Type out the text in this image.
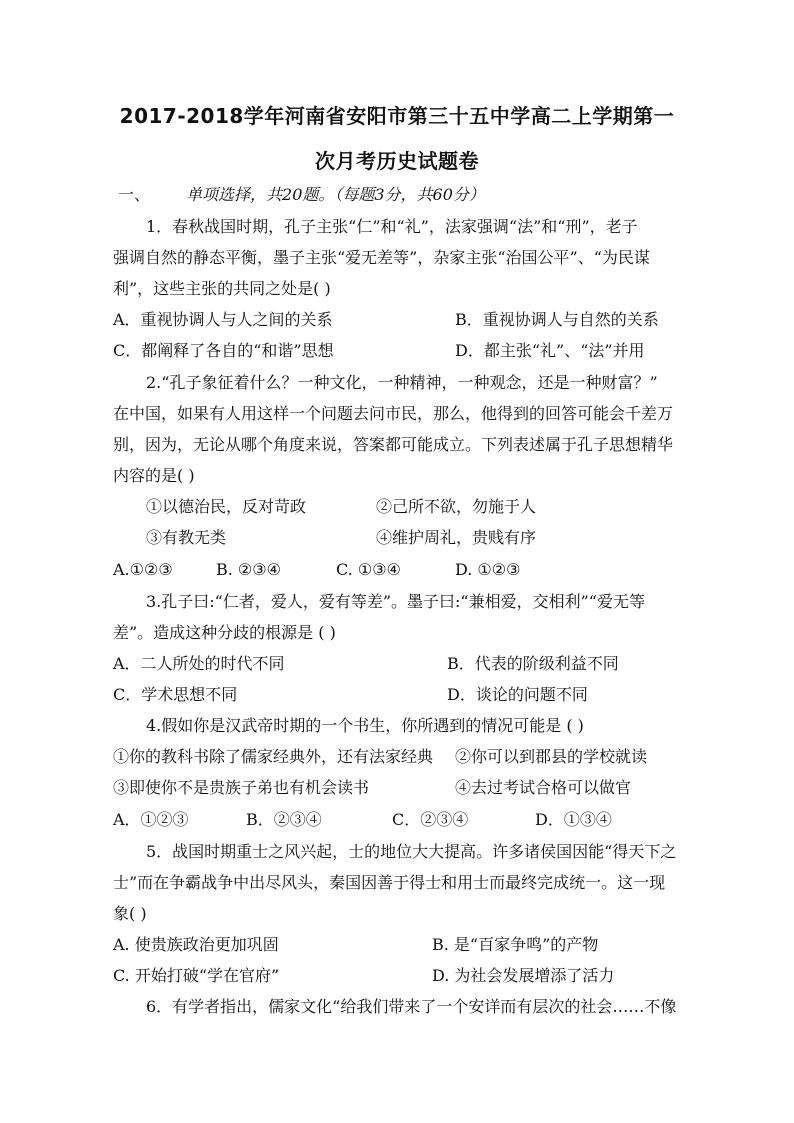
2017-2018学年河南省安阳市第三十五中学高二上学期第一
次月考历史试题卷
一、 单项选择，共20题。（每题3分，共60分）
1．春秋战国时期，孔子主张“仁”和“礼”，法家强调“法”和“刑”，老子
强调自然的静态平衡，墨子主张“爱无差等”，杂家主张“治国公平”、“为民谋
利”，这些主张的共同之处是( )
A．重视协调人与人之间的关系	B．重视协调人与自然的关系
C．都阐释了各自的“和谐”思想	D．都主张“礼”、“法”并用
2.“孔子象征着什么？一种文化，一种精神，一种观念，还是一种财富？”
在中国，如果有人用这样一个问题去问市民，那么，他得到的回答可能会千差万
别，因为，无论从哪个角度来说，答案都可能成立。下列表述属于孔子思想精华
内容的是( )
①以德治民，反对苛政	②己所不欲，勿施于人
③有教无类	④维护周礼，贵贱有序
A.①②③	B. ②③④	C. ①③④	D. ①②③
3.孔子曰:“仁者，爱人，爱有等差”。墨子曰:“兼相爱，交相利”“爱无等
差”。造成这种分歧的根源是 ( )
A．二人所处的时代不同	B．代表的阶级利益不同
C．学术思想不同	D．谈论的问题不同
4.假如你是汉武帝时期的一个书生，你所遇到的情况可能是 ( )
①你的教科书除了儒家经典外，还有法家经典 ②你可以到郡县的学校就读
③即使你不是贵族子弟也有机会读书	④去过考试合格可以做官
A．①②③	B．②③④	C．②③④	D．①③④
5．战国时期重士之风兴起，士的地位大大提高。许多诸侯国因能“得天下之
士”而在争霸战争中出尽风头，秦国因善于得士和用士而最终完成统一。这一现
象( )
A. 使贵族政治更加巩固	B. 是“百家争鸣”的产物
C. 开始打破“学在官府”	D. 为社会发展增添了活力
6．有学者指出，儒家文化“给我们带来了一个安详而有层次的社会……不像
